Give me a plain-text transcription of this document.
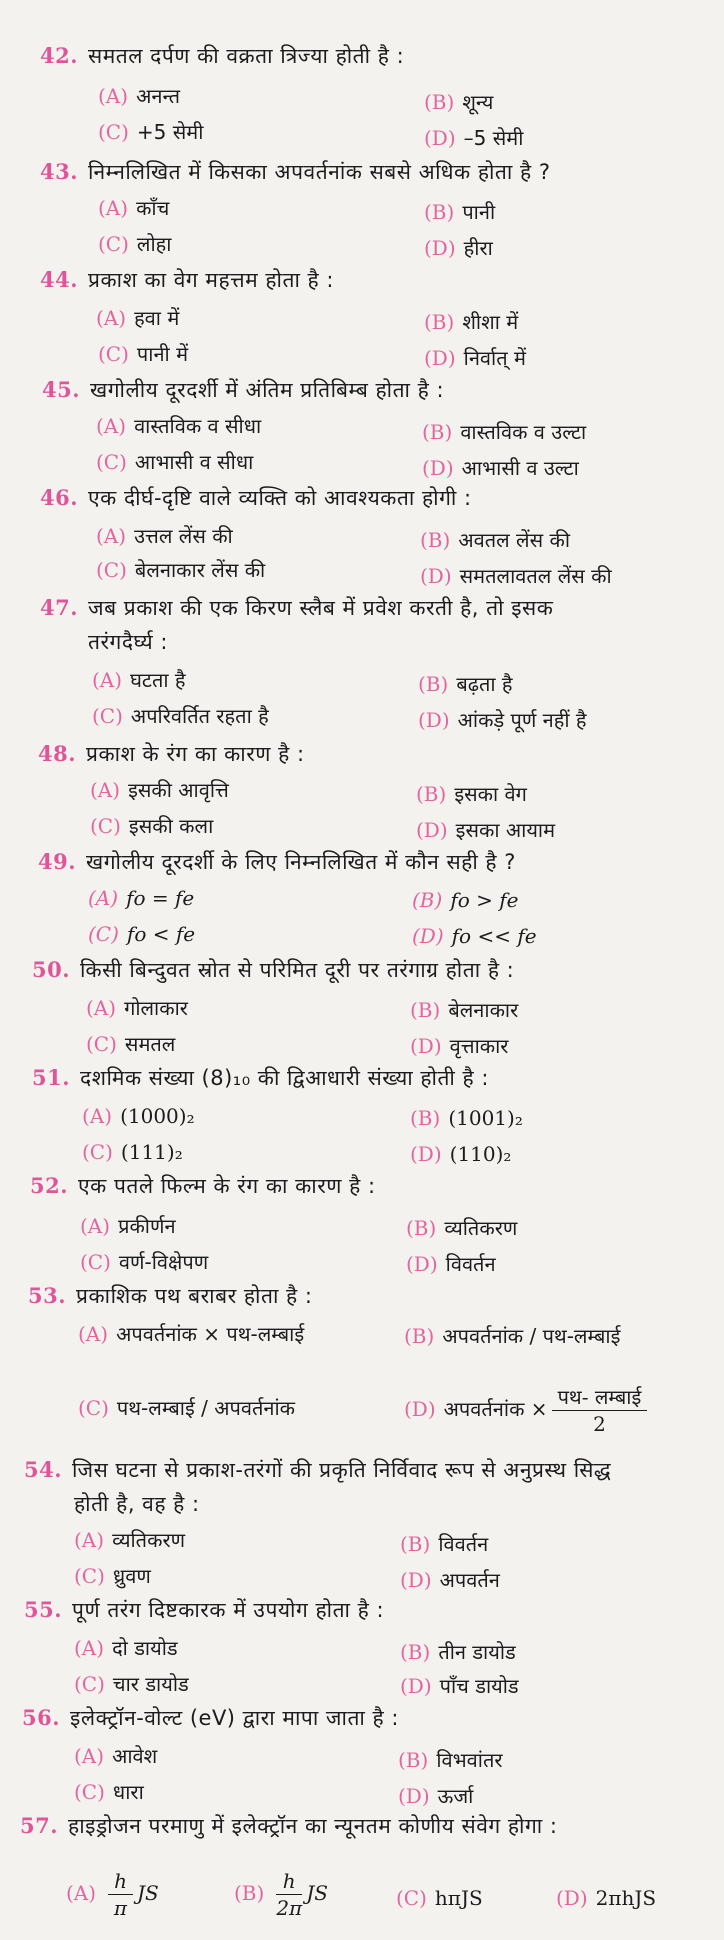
42. समतल दर्पण की वक्रता त्रिज्या होती है :
(A) अनन्त	(B) शून्य
(C) +5 सेमी	(D) –5 सेमी
43. निम्नलिखित में किसका अपवर्तनांक सबसे अधिक होता है ?
(A) काँच	(B) पानी
(C) लोहा	(D) हीरा
44. प्रकाश का वेग महत्तम होता है :
(A) हवा में	(B) शीशा में
(C) पानी में	(D) निर्वात् में
45. खगोलीय दूरदर्शी में अंतिम प्रतिबिम्ब होता है :
(A) वास्तविक व सीधा	(B) वास्तविक व उल्टा
(C) आभासी व सीधा	(D) आभासी व उल्टा
46. एक दीर्घ-दृष्टि वाले व्यक्ति को आवश्यकता होगी :
(A) उत्तल लेंस की	(B) अवतल लेंस की
(C) बेलनाकार लेंस की	(D) समतलावतल लेंस की
47. जब प्रकाश की एक किरण स्लैब में प्रवेश करती है, तो इसक
तरंगदैर्घ्य :
(A) घटता है	(B) बढ़ता है
(C) अपरिवर्तित रहता है	(D) आंकड़े पूर्ण नहीं है
48. प्रकाश के रंग का कारण है :
(A) इसकी आवृत्ति	(B) इसका वेग
(C) इसकी कला	(D) इसका आयाम
49. खगोलीय दूरदर्शी के लिए निम्नलिखित में कौन सही है ?
(A) fo = fe	(B) fo > fe
(C) fo < fe	(D) fo << fe
50. किसी बिन्दुवत स्रोत से परिमित दूरी पर तरंगाग्र होता है :
(A) गोलाकार	(B) बेलनाकार
(C) समतल	(D) वृत्ताकार
51. दशमिक संख्या (8)₁₀ की द्विआधारी संख्या होती है :
(A) (1000)₂	(B) (1001)₂
(C) (111)₂	(D) (110)₂
52. एक पतले फिल्म के रंग का कारण है :
(A) प्रकीर्णन	(B) व्यतिकरण
(C) वर्ण-विक्षेपण	(D) विवर्तन
53. प्रकाशिक पथ बराबर होता है :
(A) अपवर्तनांक × पथ-लम्बाई	(B) अपवर्तनांक / पथ-लम्बाई
(C) पथ-लम्बाई / अपवर्तनांक	(D) अपवर्तनांक × $\frac{\text{पथ- लम्बाई}}{2}$
54. जिस घटना से प्रकाश-तरंगों की प्रकृति निर्विवाद रूप से अनुप्रस्थ सिद्ध
होती है, वह है :
(A) व्यतिकरण	(B) विवर्तन
(C) ध्रुवण	(D) अपवर्तन
55. पूर्ण तरंग दिष्टकारक में उपयोग होता है :
(A) दो डायोड	(B) तीन डायोड
(C) चार डायोड	(D) पाँच डायोड
56. इलेक्ट्रॉन-वोल्ट (eV) द्वारा मापा जाता है :
(A) आवेश	(B) विभवांतर
(C) धारा	(D) ऊर्जा
57. हाइड्रोजन परमाणु में इलेक्ट्रॉन का न्यूनतम कोणीय संवेग होगा :
$(A) \frac{h}{\pi}$ JS	$(B) \frac{h}{2\pi}$ JS	(C) hπJS	(D) 2πhJS
